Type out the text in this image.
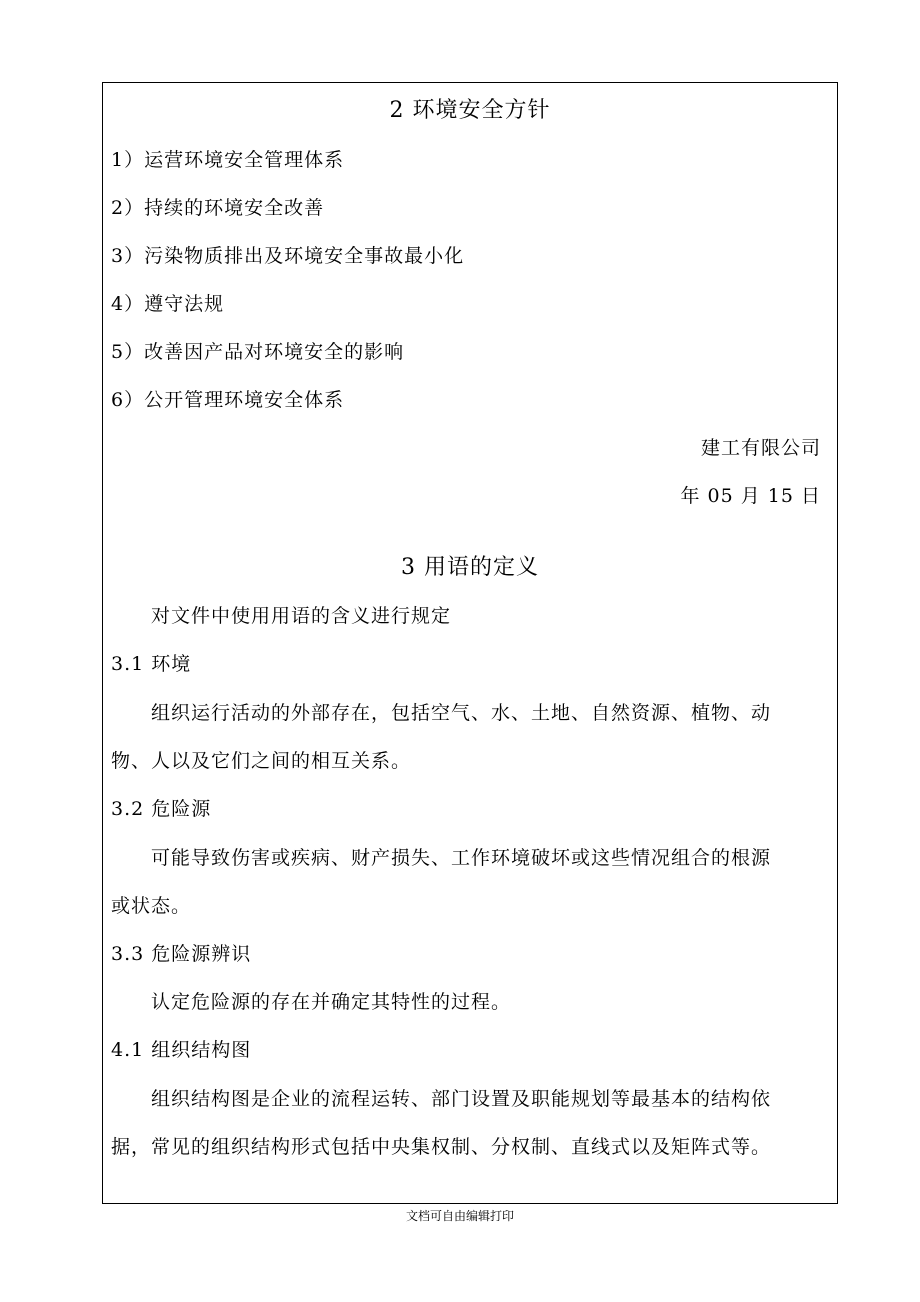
2 环境安全方针
1）运营环境安全管理体系
2）持续的环境安全改善
3）污染物质排出及环境安全事故最小化
4）遵守法规
5）改善因产品对环境安全的影响
6）公开管理环境安全体系
建工有限公司
年 05 月 15 日
3 用语的定义
对文件中使用用语的含义进行规定
3.1 环境
组织运行活动的外部存在，包括空气、水、土地、自然资源、植物、动
物、人以及它们之间的相互关系。
3.2 危险源
可能导致伤害或疾病、财产损失、工作环境破坏或这些情况组合的根源
或状态。
3.3 危险源辨识
认定危险源的存在并确定其特性的过程。
4.1 组织结构图
组织结构图是企业的流程运转、部门设置及职能规划等最基本的结构依
据，常见的组织结构形式包括中央集权制、分权制、直线式以及矩阵式等。
文档可自由编辑打印
